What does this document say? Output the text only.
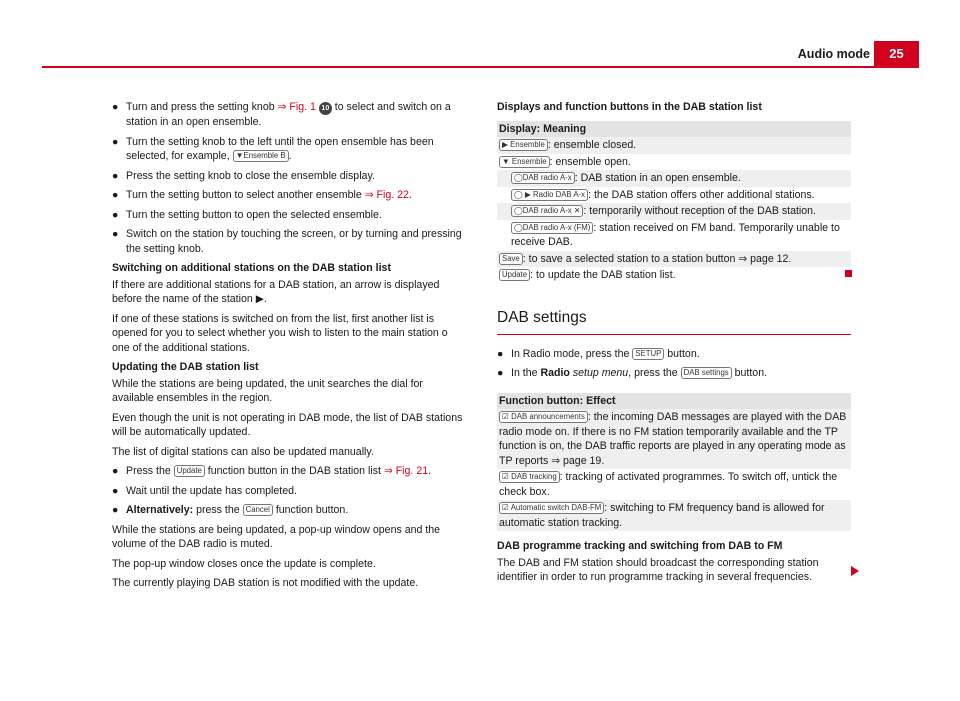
Audio mode	25
● Turn and press the setting knob ⇒ Fig. 1 10 to select and switch on a station in an open ensemble.
● Turn the setting knob to the left until the open ensemble has been selected, for example, ▼Ensemble B .
● Press the setting knob to close the ensemble display.
● Turn the setting button to select another ensemble ⇒ Fig. 22.
● Turn the setting button to open the selected ensemble.
● Switch on the station by touching the screen, or by turning and pressing the setting knob.
Switching on additional stations on the DAB station list

If there are additional stations for a DAB station, an arrow is displayed before the name of the station ▶.

If one of these stations is switched on from the list, first another list is opened for you to select whether you wish to listen to the main station o one of the additional stations.

Updating the DAB station list

While the stations are being updated, the unit searches the dial for available ensembles in the region.

Even though the unit is not operating in DAB mode, the list of DAB stations will be automatically updated.

The list of digital stations can also be updated manually.

● Press the Update function button in the DAB station list ⇒ Fig. 21.
● Wait until the update has completed.
● Alternatively: press the Cancel function button.

While the stations are being updated, a pop-up window opens and the volume of the DAB radio is muted.

The pop-up window closes once the update is complete.

The currently playing DAB station is not modified with the update.

Displays and function buttons in the DAB station list
Display: Meaning
▶ Ensemble : ensemble closed.
▼ Ensemble : ensemble open.
◯DAB radio A-x : DAB station in an open ensemble.
◯ ▶ Radio DAB A-x : the DAB station offers other additional stations.
◯DAB radio A-x ✕ : temporarily without reception of the DAB station.
◯DAB radio A-x (FM) : station received on FM band. Temporarily unable to receive DAB.
Save : to save a selected station to a station button ⇒ page 12.
Update : to update the DAB station list.
DAB settings
● In Radio mode, press the SETUP button.
● In the Radio setup menu, press the DAB settings button.
Function button: Effect
☑ DAB announcements : the incoming DAB messages are played with the DAB radio mode on. If there is no FM station temporarily available and the TP function is on, the DAB traffic reports are played in any operating mode as TP reports ⇒ page 19.
☑ DAB tracking : tracking of activated programmes. To switch off, untick the check box.
☑ Automatic switch DAB-FM : switching to FM frequency band is allowed for automatic station tracking.
DAB programme tracking and switching from DAB to FM

The DAB and FM station should broadcast the corresponding station identifier in order to run programme tracking in several frequencies.
